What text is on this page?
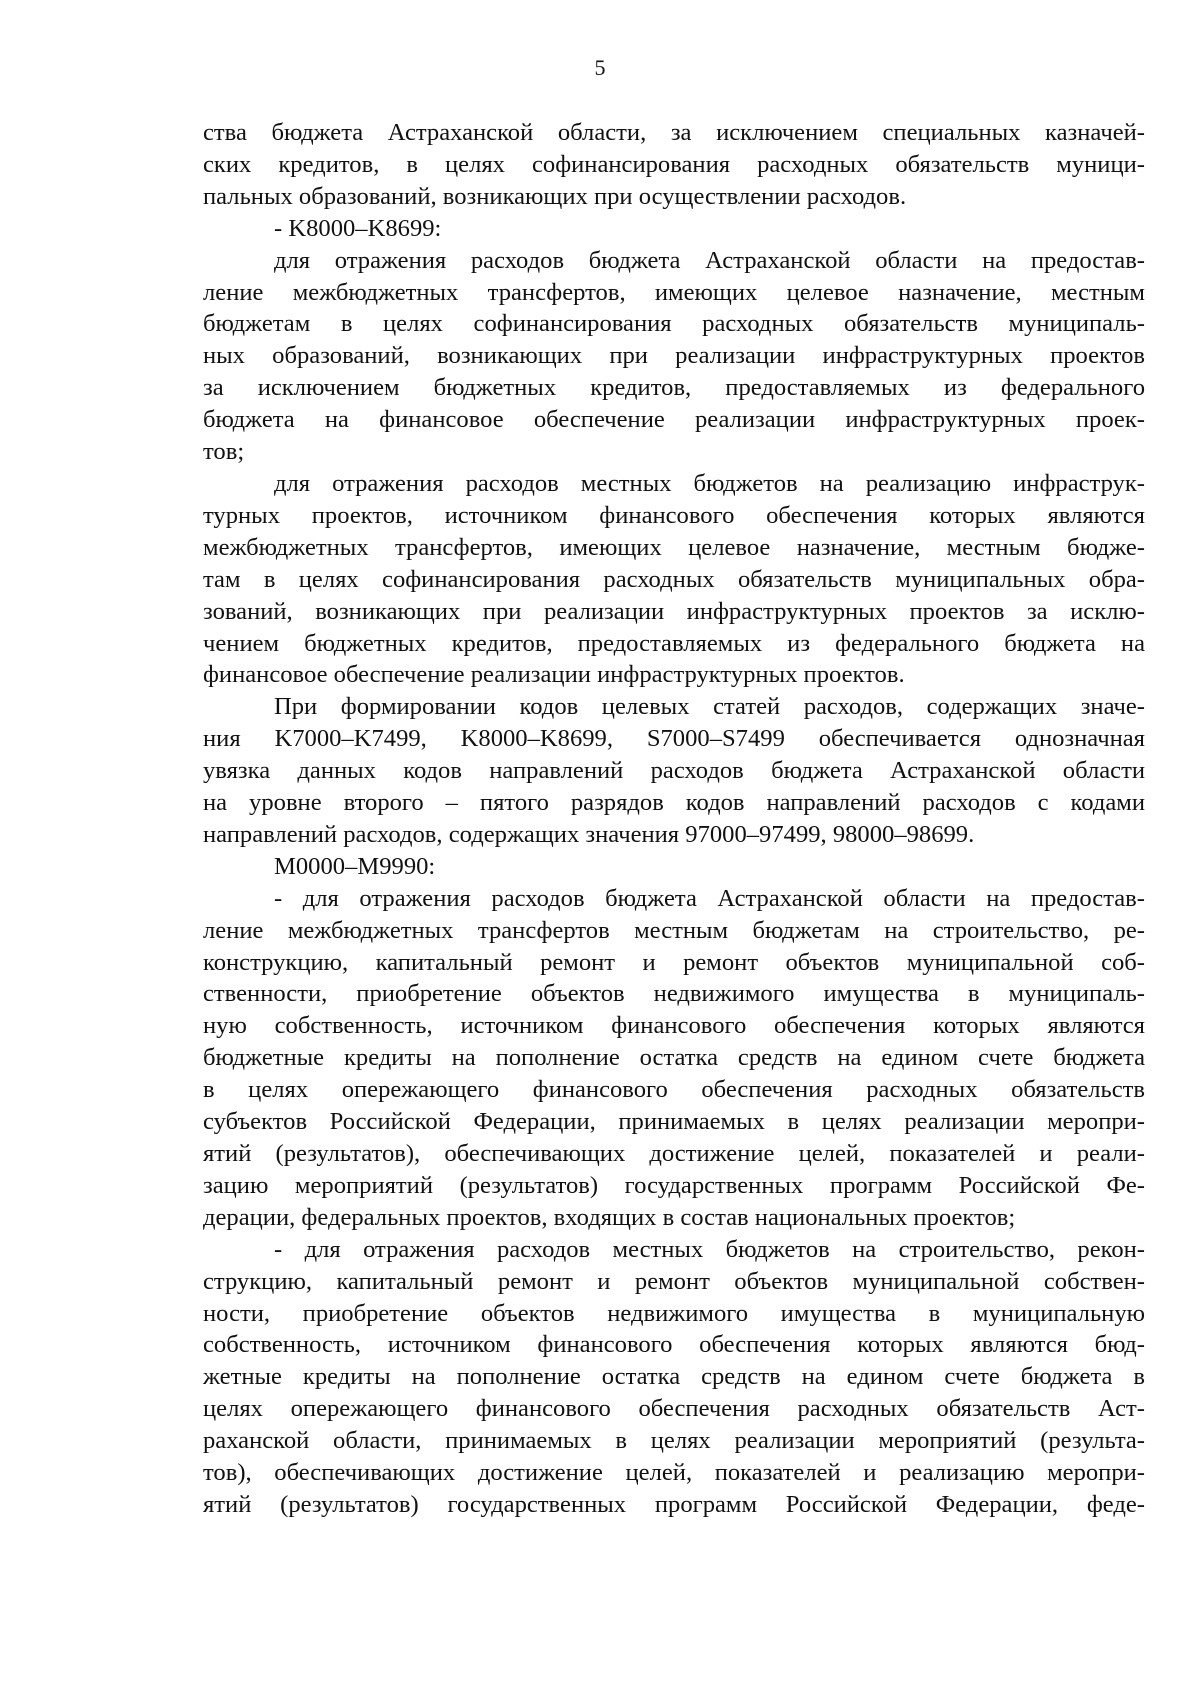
5

ства бюджета Астраханской области, за исключением специальных казначей-

ских кредитов, в целях софинансирования расходных обязательств муници-

пальных образований, возникающих при осуществлении расходов.

- K8000–K8699:

для отражения расходов бюджета Астраханской области на предостав-

ление межбюджетных трансфертов, имеющих целевое назначение, местным

бюджетам в целях софинансирования расходных обязательств муниципаль-

ных образований, возникающих при реализации инфраструктурных проектов

за исключением бюджетных кредитов, предоставляемых из федерального

бюджета на финансовое обеспечение реализации инфраструктурных проек-

тов;

для отражения расходов местных бюджетов на реализацию инфраструк-

турных проектов, источником финансового обеспечения которых являются

межбюджетных трансфертов, имеющих целевое назначение, местным бюдже-

там в целях софинансирования расходных обязательств муниципальных обра-

зований, возникающих при реализации инфраструктурных проектов за исклю-

чением бюджетных кредитов, предоставляемых из федерального бюджета на

финансовое обеспечение реализации инфраструктурных проектов.

При формировании кодов целевых статей расходов, содержащих значе-

ния K7000–K7499, K8000–K8699, S7000–S7499 обеспечивается однозначная

увязка данных кодов направлений расходов бюджета Астраханской области

на уровне второго – пятого разрядов кодов направлений расходов с кодами

направлений расходов, содержащих значения 97000–97499, 98000–98699.

M0000–M9990:

- для отражения расходов бюджета Астраханской области на предостав-

ление межбюджетных трансфертов местным бюджетам на строительство, ре-

конструкцию, капитальный ремонт и ремонт объектов муниципальной соб-

ственности, приобретение объектов недвижимого имущества в муниципаль-

ную собственность, источником финансового обеспечения которых являются

бюджетные кредиты на пополнение остатка средств на едином счете бюджета

в целях опережающего финансового обеспечения расходных обязательств

субъектов Российской Федерации, принимаемых в целях реализации меропри-

ятий (результатов), обеспечивающих достижение целей, показателей и реали-

зацию мероприятий (результатов) государственных программ Российской Фе-

дерации, федеральных проектов, входящих в состав национальных проектов;

- для отражения расходов местных бюджетов на строительство, рекон-

струкцию, капитальный ремонт и ремонт объектов муниципальной собствен-

ности, приобретение объектов недвижимого имущества в муниципальную

собственность, источником финансового обеспечения которых являются бюд-

жетные кредиты на пополнение остатка средств на едином счете бюджета в

целях опережающего финансового обеспечения расходных обязательств Аст-

раханской области, принимаемых в целях реализации мероприятий (результа-

тов), обеспечивающих достижение целей, показателей и реализацию меропри-

ятий (результатов) государственных программ Российской Федерации, феде-
